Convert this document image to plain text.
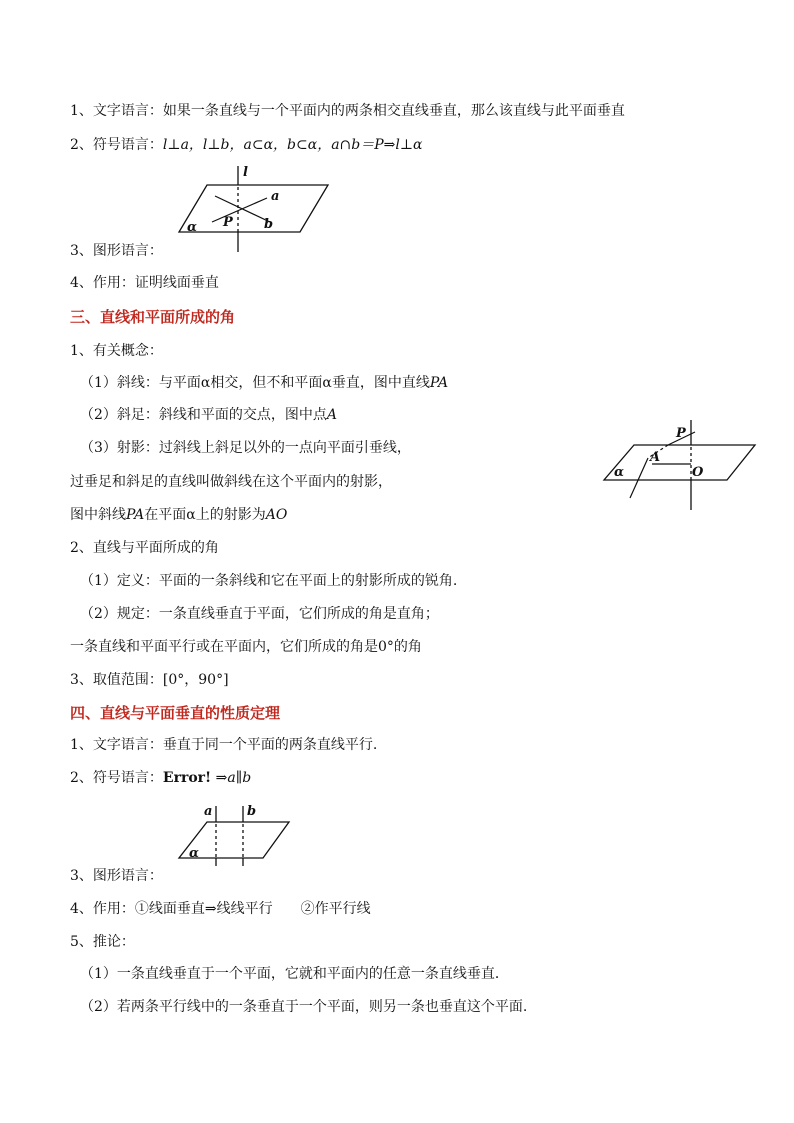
1、文字语言：如果一条直线与一个平面内的两条相交直线垂直，那么该直线与此平面垂直
2、符号语言：l⊥a，l⊥b，a⊂α，b⊂α，a∩b＝P⇒l⊥α
l
a
b
P
α
3、图形语言：
4、作用：证明线面垂直
三、直线和平面所成的角
1、有关概念：
（1）斜线：与平面α相交，但不和平面α垂直，图中直线PA
（2）斜足：斜线和平面的交点，图中点A
（3）射影：过斜线上斜足以外的一点向平面引垂线，
过垂足和斜足的直线叫做斜线在这个平面内的射影，
图中斜线PA在平面α上的射影为AO
P
A
O
α
2、直线与平面所成的角
（1）定义：平面的一条斜线和它在平面上的射影所成的锐角.
（2）规定：一条直线垂直于平面，它们所成的角是直角；
一条直线和平面平行或在平面内，它们所成的角是0°的角
3、取值范围：[0°，90°]
四、直线与平面垂直的性质定理
1、文字语言：垂直于同一个平面的两条直线平行.
2、符号语言：Error! ⇒a∥b
a	b
α
3、图形语言：
4、作用：①线面垂直⇒线线平行　　②作平行线
5、推论：
（1）一条直线垂直于一个平面，它就和平面内的任意一条直线垂直．
（2）若两条平行线中的一条垂直于一个平面，则另一条也垂直这个平面.
